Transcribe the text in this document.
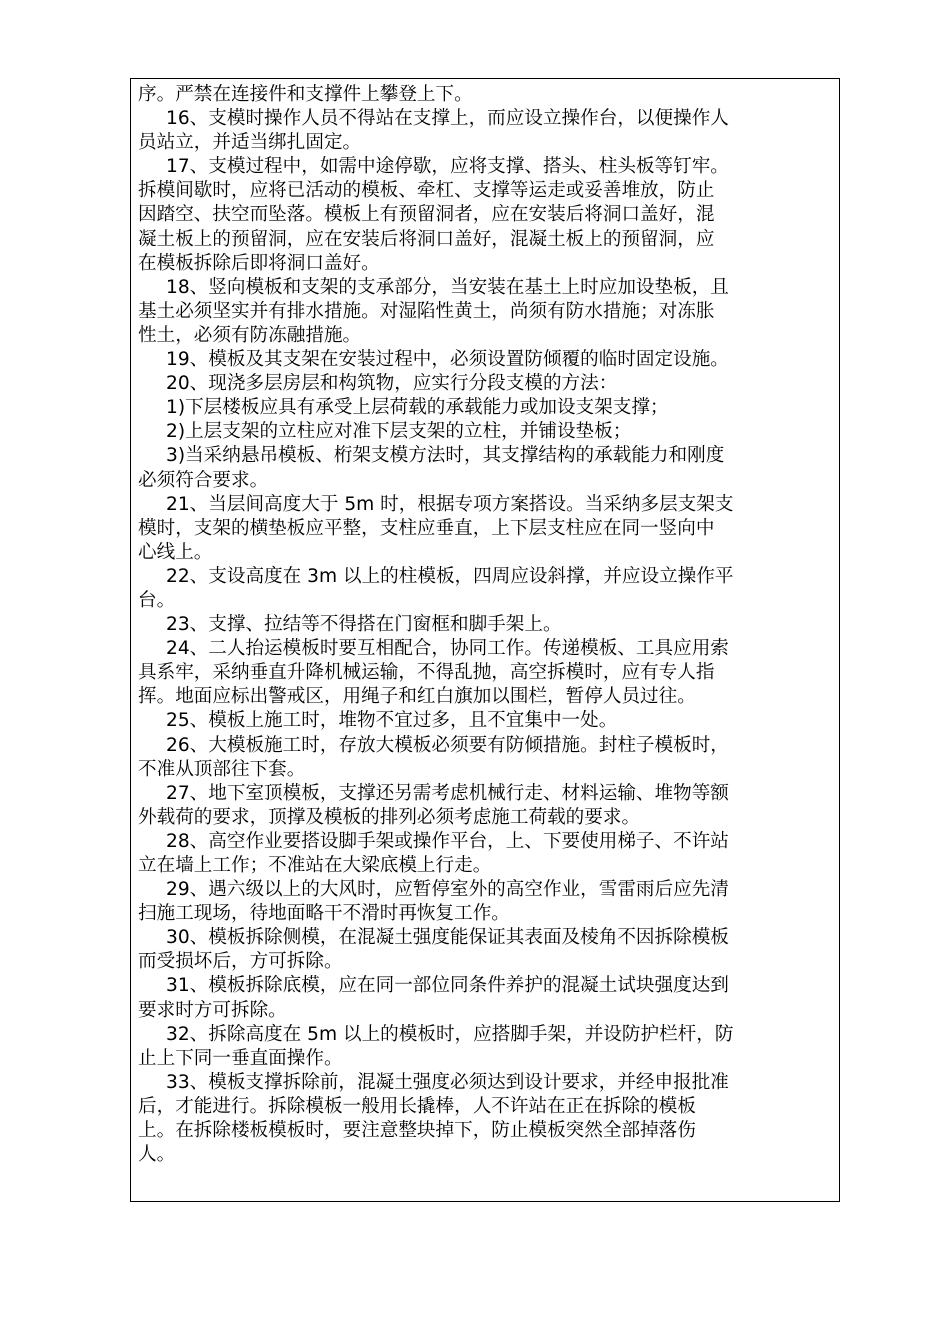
序。严禁在连接件和支撑件上攀登上下。
16、支模时操作人员不得站在支撑上，而应设立操作台，以便操作人
员站立，并适当绑扎固定。
17、支模过程中，如需中途停歇，应将支撑、搭头、柱头板等钉牢。
拆模间歇时，应将已活动的模板、牵杠、支撑等运走或妥善堆放，防止
因踏空、扶空而坠落。模板上有预留洞者，应在安装后将洞口盖好，混
凝土板上的预留洞，应在安装后将洞口盖好，混凝土板上的预留洞，应
在模板拆除后即将洞口盖好。
18、竖向模板和支架的支承部分，当安装在基土上时应加设垫板，且
基土必须坚实并有排水措施。对湿陷性黄土，尚须有防水措施；对冻胀
性土，必须有防冻融措施。
19、模板及其支架在安装过程中，必须设置防倾覆的临时固定设施。
20、现浇多层房层和构筑物，应实行分段支模的方法：
1)下层楼板应具有承受上层荷载的承载能力或加设支架支撑；
2)上层支架的立柱应对准下层支架的立柱，并铺设垫板；
3)当采纳悬吊模板、桁架支模方法时，其支撑结构的承载能力和刚度
必须符合要求。
21、当层间高度大于 5m 时，根据专项方案搭设。当采纳多层支架支
模时，支架的横垫板应平整，支柱应垂直，上下层支柱应在同一竖向中
心线上。
22、支设高度在 3m 以上的柱模板，四周应设斜撑，并应设立操作平
台。
23、支撑、拉结等不得搭在门窗框和脚手架上。
24、二人抬运模板时要互相配合，协同工作。传递模板、工具应用索
具系牢，采纳垂直升降机械运输，不得乱抛，高空拆模时，应有专人指
挥。地面应标出警戒区，用绳子和红白旗加以围栏，暂停人员过往。
25、模板上施工时，堆物不宜过多，且不宜集中一处。
26、大模板施工时，存放大模板必须要有防倾措施。封柱子模板时，
不准从顶部往下套。
27、地下室顶模板，支撑还另需考虑机械行走、材料运输、堆物等额
外载荷的要求，顶撑及模板的排列必须考虑施工荷载的要求。
28、高空作业要搭设脚手架或操作平台，上、下要使用梯子、不许站
立在墙上工作；不准站在大梁底模上行走。
29、遇六级以上的大风时，应暂停室外的高空作业，雪雷雨后应先清
扫施工现场，待地面略干不滑时再恢复工作。
30、模板拆除侧模，在混凝土强度能保证其表面及棱角不因拆除模板
而受损坏后，方可拆除。
31、模板拆除底模，应在同一部位同条件养护的混凝土试块强度达到
要求时方可拆除。
32、拆除高度在 5m 以上的模板时，应搭脚手架，并设防护栏杆，防
止上下同一垂直面操作。
33、模板支撑拆除前，混凝土强度必须达到设计要求，并经申报批准
后，才能进行。拆除模板一般用长撬棒，人不许站在正在拆除的模板
上。在拆除楼板模板时，要注意整块掉下，防止模板突然全部掉落伤
人。
